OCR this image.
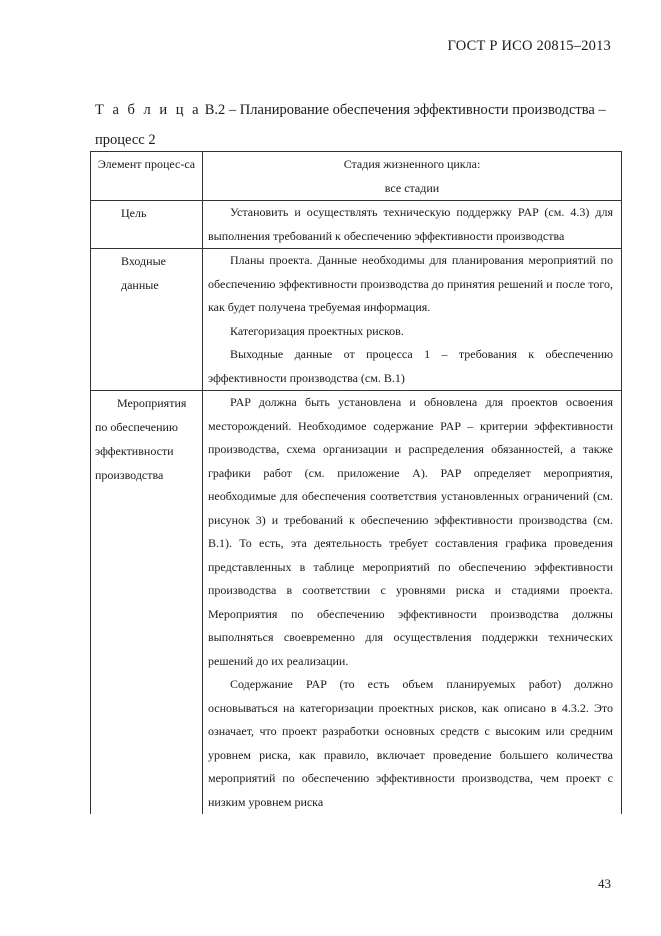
ГОСТ Р ИСО 20815–2013
Т а б л и ц а В.2 – Планирование обеспечения эффективности производства – процесс 2
Элемент процес-са	Стадия жизненного цикла:
все стадии

Цель	Установить и осуществлять техническую поддержку PAP (см. 4.3) для выполнения требований к обеспечению эффективности производства

Входные данные	Планы проекта. Данные необходимы для планирования мероприятий по обеспечению эффективности производства до принятия решений и после того, как будет получена требуемая информация.

Категоризация проектных рисков.

Выходные данные от процесса 1 – требования к обеспечению эффективности производства (см. В.1)

Мероприятия по обеспечению эффективности производства	PAP должна быть установлена и обновлена для проектов освоения месторождений. Необходимое содержание PAP – критерии эффективности производства, схема организации и распределения обязанностей, а также графики работ (см. приложение А). PAP определяет мероприятия, необходимые для обеспечения соответствия установленных ограничений (см. рисунок 3) и требований к обеспечению эффективности производства (см. В.1). То есть, эта деятельность требует составления графика проведения представленных в таблице мероприятий по обеспечению эффективности производства в соответствии с уровнями риска и стадиями проекта. Мероприятия по обеспечению эффективности производства должны выполняться своевременно для осуществления поддержки технических решений до их реализации.

Содержание PAP (то есть объем планируемых работ) должно основываться на категоризации проектных рисков, как описано в 4.3.2. Это означает, что проект разработки основных средств с высоким или средним уровнем риска, как правило, включает проведение большего количества мероприятий по обеспечению эффективности производства, чем проект с низким уровнем риска

43
